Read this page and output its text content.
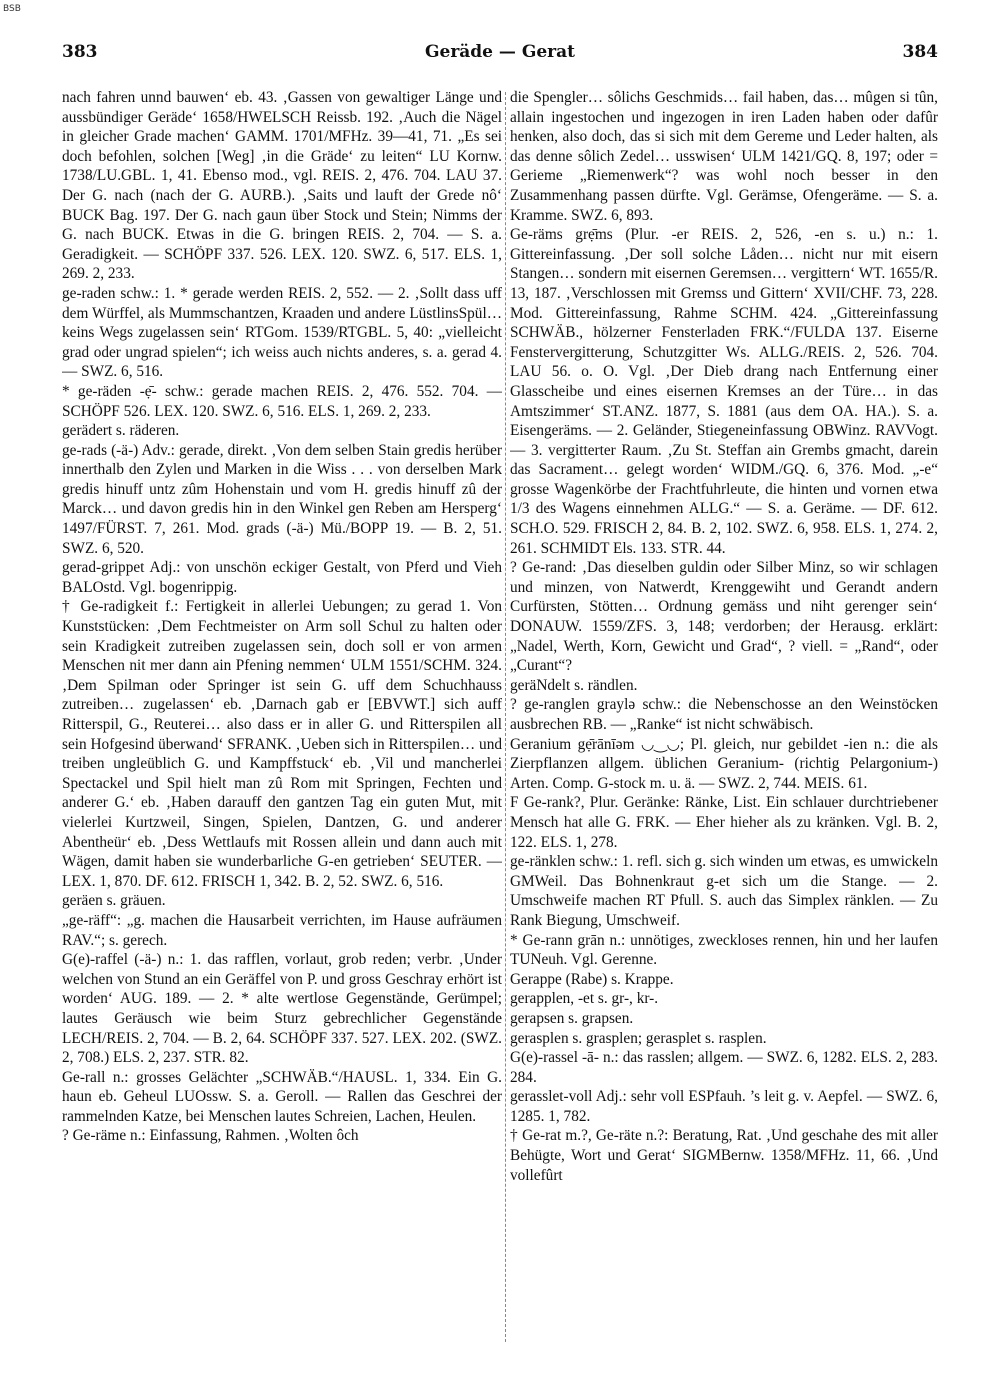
BSB
383	Geräde — Gerat	384

nach fahren unnd bauwen‘ eb. 43. ‚Gassen von gewaltiger Länge und aussbündiger Geräde‘ 1658/HWELSCH Reissb. 192. ‚Auch die Nägel in gleicher Grade machen‘ GAMM. 1701/MFHz. 39—41, 71. „Es sei doch befohlen, solchen [Weg] ‚in die Gräde‘ zu leiten“ LU Kornw. 1738/LU.GBL. 1, 41. Ebenso mod., vgl. REIS. 2, 476. 704. LAU 37. Der G. nach (nach der G. AURB.). ‚Saits und lauft der Grede nô‘ BUCK Bag. 197. Der G. nach gaun über Stock und Stein; Nimms der G. nach BUCK. Etwas in die G. bringen REIS. 2, 704. — S. a. Geradigkeit. — SCHÖPF 337. 526. LEX. 120. SWZ. 6, 517. ELS. 1, 269. 2, 233.

ge-raden schw.: 1. * gerade werden REIS. 2, 552. — 2. ‚Sollt dass uff dem Würffel, als Mummschantzen, Kraaden und andere LüstlinsSpül… keins Wegs zugelassen sein‘ RTGom. 1539/RTGBL. 5, 40: „vielleicht grad oder ungrad spielen“; ich weiss auch nichts anderes, s. a. gerad 4. — SWZ. 6, 516.

* ge-räden -ẹ̄- schw.: gerade machen REIS. 2, 476. 552. 704. — SCHÖPF 526. LEX. 120. SWZ. 6, 516. ELS. 1, 269. 2, 233.

gerädert s. räderen.

ge-rads (-ä-) Adv.: gerade, direkt. ‚Von dem selben Stain gredis herüber innerthalb den Zylen und Marken in die Wiss . . . von derselben Mark gredis hinuff untz zûm Hohenstain und vom H. gredis hinuff zû der Marck… und davon gredis hin in den Winkel gen Reben am Hersperg‘ 1497/FÜRST. 7, 261. Mod. grads (-ä-) Mü./BOPP 19. — B. 2, 51. SWZ. 6, 520.

gerad-grippet Adj.: von unschön eckiger Gestalt, von Pferd und Vieh BALOstd. Vgl. bogenrippig.

† Ge-radigkeit f.: Fertigkeit in allerlei Uebungen; zu gerad 1. Von Kunststücken: ‚Dem Fechtmeister on Arm soll Schul zu halten oder sein Kradigkeit zutreiben zugelassen sein, doch soll er von armen Menschen nit mer dann ain Pfening nemmen‘ ULM 1551/SCHM. 324. ‚Dem Spilman oder Springer ist sein G. uff dem Schuchhauss zutreiben… zugelassen‘ eb. ‚Darnach gab er [EBVWT.] sich auff Ritterspil, G., Reuterei… also dass er in aller G. und Ritterspilen all sein Hofgesind überwand‘ SFRANK. ‚Ueben sich in Ritterspilen… und treiben ungleüblich G. und Kampffstuck‘ eb. ‚Vil und mancherlei Spectackel und Spil hielt man zû Rom mit Springen, Fechten und anderer G.‘ eb. ‚Haben darauff den gantzen Tag ein guten Mut, mit vielerlei Kurtzweil, Singen, Spielen, Dantzen, G. und anderer Abentheür‘ eb. ‚Dess Wettlaufs mit Rossen allein und dann auch mit Wägen, damit haben sie wunderbarliche G-en getrieben‘ SEUTER. — LEX. 1, 870. DF. 612. FRISCH 1, 342. B. 2, 52. SWZ. 6, 516.

geräen s. gräuen.

„ge-räff“: „g. machen die Hausarbeit verrichten, im Hause aufräumen RAV.“; s. gerech.

G(e)-raffel (-ä-) n.: 1. das rafflen, vorlaut, grob reden; verbr. ‚Under welchen von Stund an ein Geräffel von P. und gross Geschray erhört ist worden‘ AUG. 189. — 2. * alte wertlose Gegenstände, Gerümpel; lautes Geräusch wie beim Sturz gebrechlicher Gegenstände LECH/REIS. 2, 704. — B. 2, 64. SCHÖPF 337. 527. LEX. 202. (SWZ. 2, 708.) ELS. 2, 237. STR. 82.

Ge-rall n.: grosses Gelächter „SCHWÄB.“/HAUSL. 1, 334. Ein G. haun eb. Geheul LUOssw. S. a. Geroll. — Rallen das Geschrei der rammelnden Katze, bei Menschen lautes Schreien, Lachen, Heulen.

? Ge-räme n.: Einfassung, Rahmen. ‚Wolten ôch

die Spengler… sôlichs Geschmids… fail haben, das… mûgen si tûn, allain ingestochen und ingezogen in iren Laden haben oder dafûr henken, also doch, das si sich mit dem Gereme und Leder halten, als das denne sôlich Zedel… usswisen‘ ULM 1421/GQ. 8, 197; oder = Gerieme „Riemenwerk“? was wohl noch besser in den Zusammenhang passen dürfte. Vgl. Gerämse, Ofengeräme. — S. a. Kramme. SWZ. 6, 893.

Ge-räms grẹ̄ms (Plur. -er REIS. 2, 526, -en s. u.) n.: 1. Gittereinfassung. ‚Der soll solche Låden… nicht nur mit eisern Stangen… sondern mit eisernen Geremsen… vergittern‘ WT. 1655/R. 13, 187. ‚Verschlossen mit Gremss und Gittern‘ XVII/CHF. 73, 228. Mod. Gittereinfassung, Rahme SCHM. 424. „Gittereinfassung SCHWÄB., hölzerner Fensterladen FRK.“/FULDA 137. Eiserne Fenstervergitterung, Schutzgitter Ws. ALLG./REIS. 2, 526. 704. LAU 56. o. O. Vgl. ‚Der Dieb drang nach Entfernung einer Glasscheibe und eines eisernen Kremses an der Türe… in das Amtszimmer‘ ST.ANZ. 1877, S. 1881 (aus dem OA. HA.). S. a. Eisengeräms. — 2. Geländer, Stiegeneinfassung OBWinz. RAVVogt. — 3. vergitterter Raum. ‚Zu St. Steffan ain Grembs gmacht, darein das Sacrament… gelegt worden‘ WIDM./GQ. 6, 376. Mod. „-e“ grosse Wagenkörbe der Frachtfuhrleute, die hinten und vornen etwa 1/3 des Wagens einnehmen ALLG.“ — S. a. Geräme. — DF. 612. SCH.O. 529. FRISCH 2, 84. B. 2, 102. SWZ. 6, 958. ELS. 1, 274. 2, 261. SCHMIDT Els. 133. STR. 44.

? Ge-rand: ‚Das dieselben guldin oder Silber Minz, so wir schlagen und minzen, von Natwerdt, Krenggewiht und Gerandt andern Curfürsten, Stötten… Ordnung gemäss und niht gerenger sein‘ DONAUW. 1559/ZFS. 3, 148; verdorben; der Herausg. erklärt: „Nadel, Werth, Korn, Gewicht und Grad“, ? viell. = „Rand“, oder „Curant“?

geräNdelt s. rändlen.

? ge-ranglen graylə schw.: die Nebenschosse an den Weinstöcken ausbrechen RB. — „Ranke“ ist nicht schwäbisch.

Geranium gẹ̄rānīəm ◡‿◡; Pl. gleich, nur gebildet -ien n.: die als Zierpflanzen allgem. üblichen Geranium- (richtig Pelargonium-) Arten. Comp. G-stock m. u. ä. — SWZ. 2, 744. MEIS. 61.

F Ge-rank?, Plur. Geränke: Ränke, List. Ein schlauer durchtriebener Mensch hat alle G. FRK. — Eher hieher als zu kränken. Vgl. B. 2, 122. ELS. 1, 278.

ge-ränklen schw.: 1. refl. sich g. sich winden um etwas, es umwickeln GMWeil. Das Bohnenkraut g-et sich um die Stange. — 2. Umschweife machen RT Pfull. S. auch das Simplex ränklen. — Zu Rank Biegung, Umschweif.

* Ge-rann grān n.: unnötiges, zweckloses rennen, hin und her laufen TUNeuh. Vgl. Gerenne.

Gerappe (Rabe) s. Krappe.

gerapplen, -et s. gr-, kr-.

gerapsen s. grapsen.

gerasplen s. grasplen; gerasplet s. rasplen.

G(e)-rassel -ā- n.: das rasslen; allgem. — SWZ. 6, 1282. ELS. 2, 283. 284.

gerasslet-voll Adj.: sehr voll ESPfauh. ’s leit g. v. Aepfel. — SWZ. 6, 1285. 1, 782.

† Ge-rat m.?, Ge-räte n.?: Beratung, Rat. ‚Und geschahe des mit aller Behügte, Wort und Gerat‘ SIGMBernw. 1358/MFHz. 11, 66. ‚Und vollefûrt
